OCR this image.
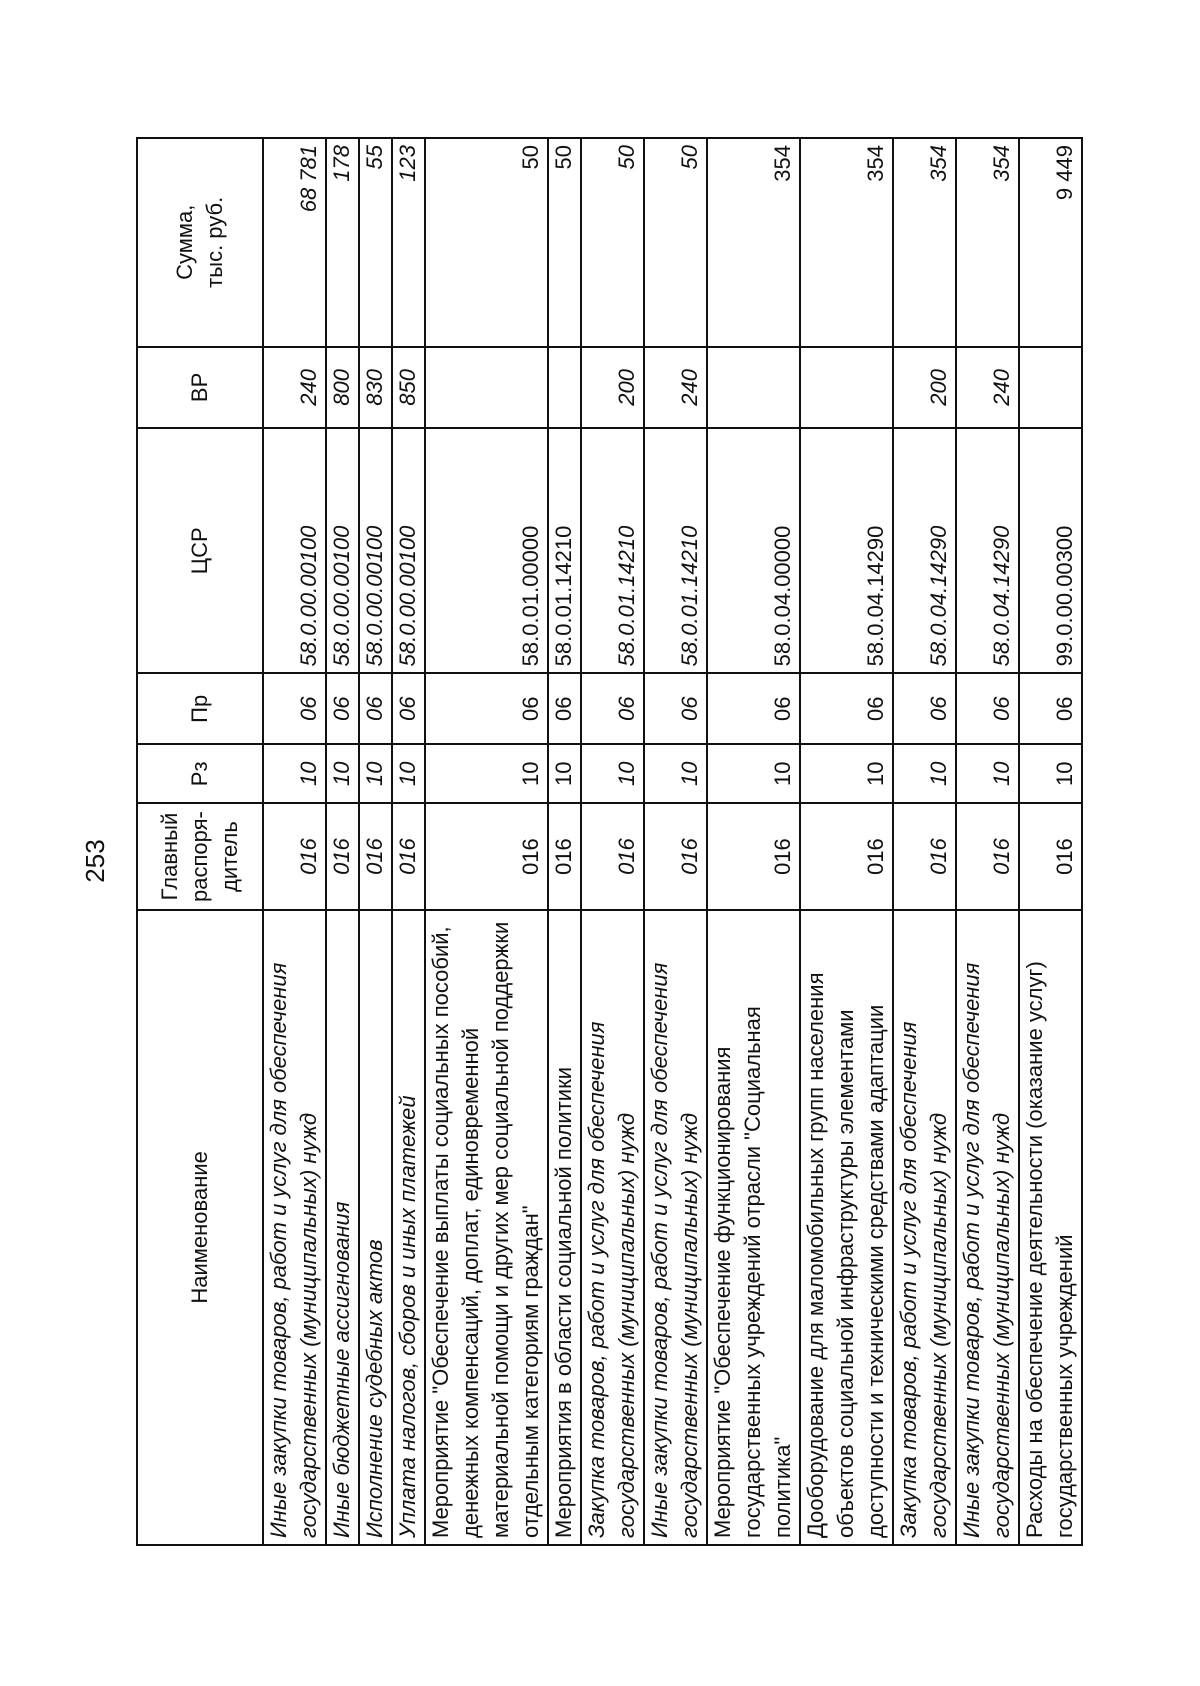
253
Наименование	Главный распоря- дитель	Рз	Пр	ЦСР	ВР	Сумма, тыс. руб.
Иные закупки товаров, работ и услуг для обеспечения государственных (муниципальных) нужд	016	10	06	58.0.00.00100	240	68 781
Иные бюджетные ассигнования	016	10	06	58.0.00.00100	800	178
Исполнение судебных актов	016	10	06	58.0.00.00100	830	55
Уплата налогов, сборов и иных платежей	016	10	06	58.0.00.00100	850	123
Мероприятие "Обеспечение выплаты социальных пособий, денежных компенсаций, доплат, единовременной материальной помощи и других мер социальной поддержки отдельным категориям граждан"	016	10	06	58.0.01.00000		50
Мероприятия в области социальной политики	016	10	06	58.0.01.14210		50
Закупка товаров, работ и услуг для обеспечения государственных (муниципальных) нужд	016	10	06	58.0.01.14210	200	50
Иные закупки товаров, работ и услуг для обеспечения государственных (муниципальных) нужд	016	10	06	58.0.01.14210	240	50
Мероприятие "Обеспечение функционирования государственных учреждений отрасли "Социальная политика"	016	10	06	58.0.04.00000		354
Дооборудование для маломобильных групп населения объектов социальной инфраструктуры элементами доступности и техническими средствами адаптации	016	10	06	58.0.04.14290		354
Закупка товаров, работ и услуг для обеспечения государственных (муниципальных) нужд	016	10	06	58.0.04.14290	200	354
Иные закупки товаров, работ и услуг для обеспечения государственных (муниципальных) нужд	016	10	06	58.0.04.14290	240	354
Расходы на обеспечение деятельности (оказание услуг) государственных учреждений	016	10	06	99.0.00.00300		9 449
